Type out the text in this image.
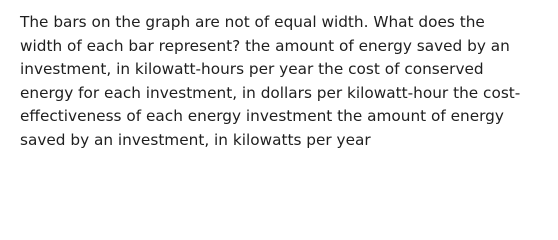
The bars on the graph are not of equal width. What does the
width of each bar represent? the amount of energy saved by an
investment, in kilowatt-hours per year the cost of conserved
energy for each investment, in dollars per kilowatt-hour the cost-
effectiveness of each energy investment the amount of energy
saved by an investment, in kilowatts per year
